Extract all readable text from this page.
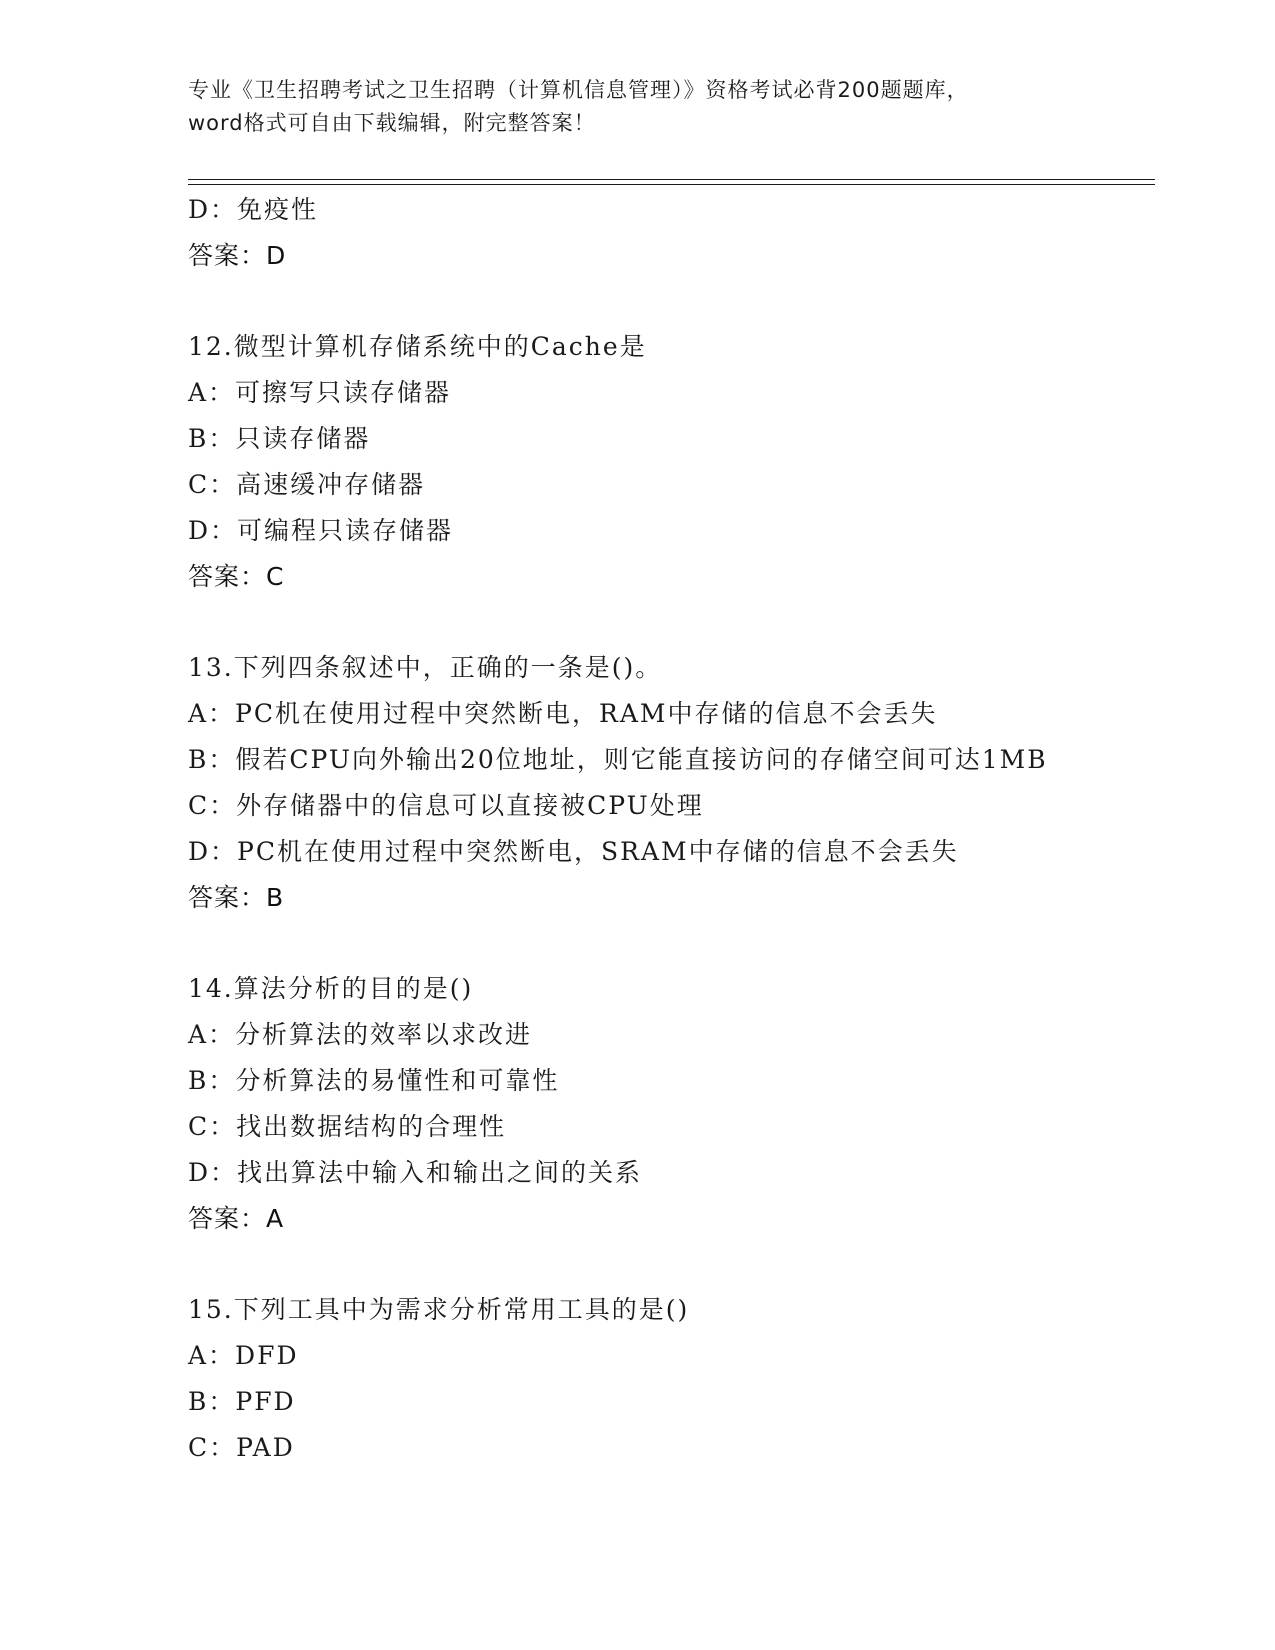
专业《卫生招聘考试之卫生招聘（计算机信息管理）》资格考试必背200题题库，
word格式可自由下载编辑，附完整答案！
D：免疫性
答案：D
12.微型计算机存储系统中的Cache是
A：可擦写只读存储器
B：只读存储器
C：高速缓冲存储器
D：可编程只读存储器
答案：C
13.下列四条叙述中，正确的一条是()。
A：PC机在使用过程中突然断电，RAM中存储的信息不会丢失
B：假若CPU向外输出20位地址，则它能直接访问的存储空间可达1MB
C：外存储器中的信息可以直接被CPU处理
D：PC机在使用过程中突然断电，SRAM中存储的信息不会丢失
答案：B
14.算法分析的目的是()
A：分析算法的效率以求改进
B：分析算法的易懂性和可靠性
C：找出数据结构的合理性
D：找出算法中输入和输出之间的关系
答案：A
15.下列工具中为需求分析常用工具的是()
A：DFD
B：PFD
C：PAD
